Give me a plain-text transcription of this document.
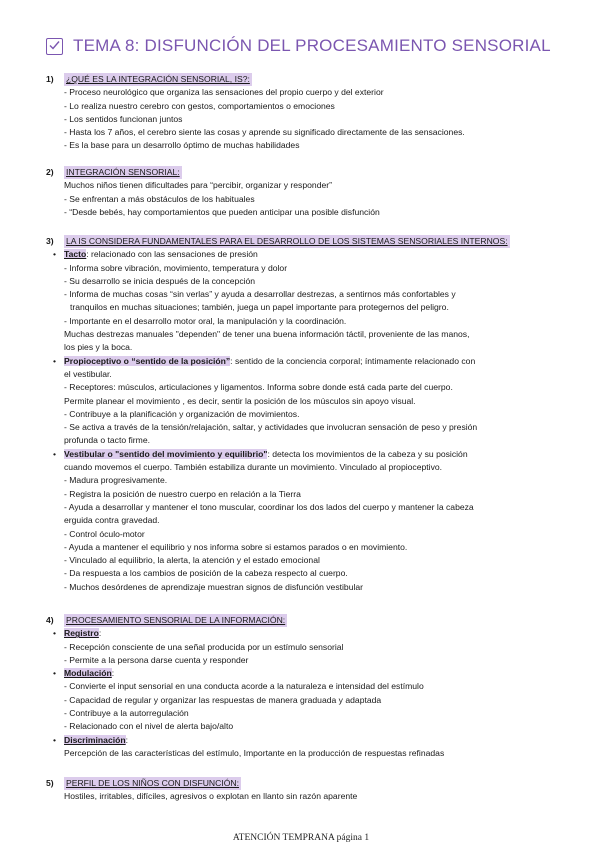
TEMA 8: DISFUNCIÓN DEL PROCESAMIENTO SENSORIAL
1)	¿QUÉ ES LA INTEGRACIÓN SENSORIAL, IS?:
- Proceso neurológico que organiza las sensaciones del propio cuerpo y del exterior
- Lo realiza nuestro cerebro con gestos, comportamientos o emociones
- Los sentidos funcionan juntos
- Hasta los 7 años, el cerebro siente las cosas y aprende su significado directamente de las sensaciones.
- Es la base para un desarrollo óptimo de muchas habilidades
2)	INTEGRACIÓN SENSORIAL:
Muchos niños tienen dificultades para “percibir, organizar y responder”
- Se enfrentan a más obstáculos de los habituales
- “Desde bebés, hay comportamientos que pueden anticipar una posible disfunción
3)	LA IS CONSIDERA FUNDAMENTALES PARA EL DESARROLLO DE LOS SISTEMAS SENSORIALES INTERNOS:
• Tacto: relacionado con las sensaciones de presión
- Informa sobre vibración, movimiento, temperatura y dolor
- Su desarrollo se inicia después de la concepción
- Informa de muchas cosas “sin verlas” y ayuda a desarrollar destrezas, a sentirnos más confortables y
tranquilos en muchas situaciones; también, juega un papel importante para protegernos del peligro.
- Importante en el desarrollo motor oral, la manipulación y la coordinación.
Muchas destrezas manuales "dependen" de tener una buena información táctil, proveniente de las manos,
los pies y la boca.
• Propioceptivo o “sentido de la posición”: sentido de la conciencia corporal; íntimamente relacionado con
el vestibular.
- Receptores: músculos, articulaciones y ligamentos. Informa sobre donde está cada parte del cuerpo.
Permite planear el movimiento , es decir, sentir la posición de los músculos sin apoyo visual.
- Contribuye a la planificación y organización de movimientos.
- Se activa a través de la tensión/relajación, saltar, y actividades que involucran sensación de peso y presión
profunda o tacto firme.
• Vestibular o "sentido del movimiento y equilibrio": detecta los movimientos de la cabeza y su posición
cuando movemos el cuerpo. También estabiliza durante un movimiento. Vinculado al propioceptivo.
- Madura progresivamente.
- Registra la posición de nuestro cuerpo en relación a la Tierra
- Ayuda a desarrollar y mantener el tono muscular, coordinar los dos lados del cuerpo y mantener la cabeza
erguida contra gravedad.
- Control óculo-motor
- Ayuda a mantener el equilibrio y nos informa sobre si estamos parados o en movimiento.
- Vinculado al equilibrio, la alerta, la atención y el estado emocional
- Da respuesta a los cambios de posición de la cabeza respecto al cuerpo.
- Muchos desórdenes de aprendizaje muestran signos de disfunción vestibular
4)	PROCESAMIENTO SENSORIAL DE LA INFORMACIÓN:
• Registro:
- Recepción consciente de una señal producida por un estímulo sensorial
- Permite a la persona darse cuenta y responder
• Modulación:
- Convierte el input sensorial en una conducta acorde a la naturaleza e intensidad del estímulo
- Capacidad de regular y organizar las respuestas de manera graduada y adaptada
- Contribuye a la autorregulación
- Relacionado con el nivel de alerta bajo/alto
• Discriminación:
Percepción de las características del estímulo, Importante en la producción de respuestas refinadas
5)	PERFIL DE LOS NIÑOS CON DISFUNCIÓN:
Hostiles, irritables, difíciles, agresivos o explotan en llanto sin razón aparente
ATENCIÓN TEMPRANA página 1
